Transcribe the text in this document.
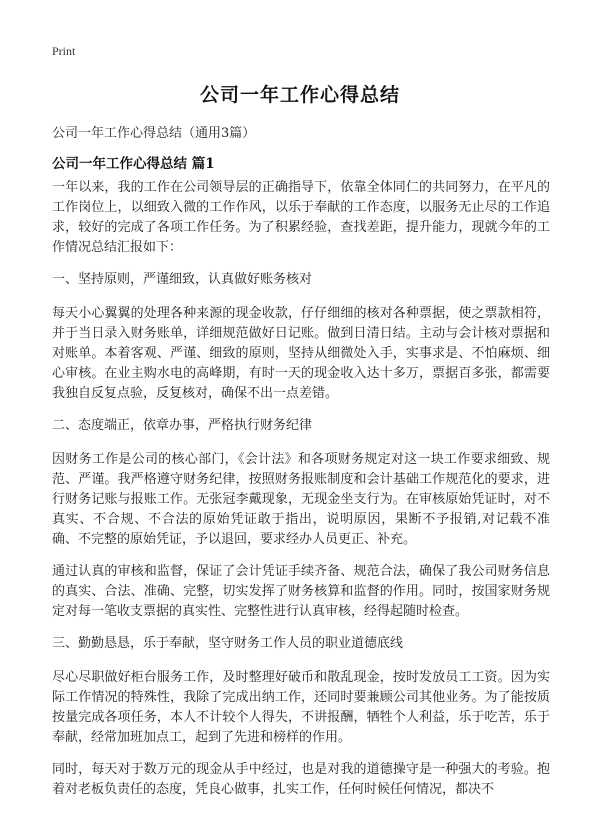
Print
公司一年工作心得总结
公司一年工作心得总结（通用3篇）
公司一年工作心得总结 篇1

一年以来，我的工作在公司领导层的正确指导下，依靠全体同仁的共同努力，在平凡的工作岗位上，以细致入微的工作作风，以乐于奉献的工作态度，以服务无止尽的工作追求，较好的完成了各项工作任务。为了积累经验，查找差距，提升能力，现就今年的工作情况总结汇报如下：

一、坚持原则，严谨细致，认真做好账务核对

每天小心翼翼的处理各种来源的现金收款，仔仔细细的核对各种票据，使之票款相符，并于当日录入财务账单，详细规范做好日记账。做到日清日结。主动与会计核对票据和对账单。本着客观、严谨、细致的原则，坚持从细微处入手，实事求是、不怕麻烦、细心审核。在业主购水电的高峰期，有时一天的现金收入达十多万，票据百多张，都需要我独自反复点验，反复核对，确保不出一点差错。

二、态度端正，依章办事，严格执行财务纪律

因财务工作是公司的核心部门，《会计法》和各项财务规定对这一块工作要求细致、规范、严谨。我严格遵守财务纪律，按照财务报账制度和会计基础工作规范化的要求，进行财务记账与报账工作。无张冠李戴现象，无现金坐支行为。在审核原始凭证时，对不真实、不合规、不合法的原始凭证敢于指出，说明原因，果断不予报销,对记载不准确、不完整的原始凭证，予以退回，要求经办人员更正、补充。

通过认真的审核和监督，保证了会计凭证手续齐备、规范合法，确保了我公司财务信息的真实、合法、准确、完整，切实发挥了财务核算和监督的作用。同时，按国家财务规定对每一笔收支票据的真实性、完整性进行认真审核，经得起随时检查。

三、勤勤恳恳，乐于奉献，坚守财务工作人员的职业道德底线

尽心尽职做好柜台服务工作，及时整理好破币和散乱现金，按时发放员工工资。因为实际工作情况的特殊性，我除了完成出纳工作，还同时要兼顾公司其他业务。为了能按质按量完成各项任务，本人不计较个人得失，不讲报酬，牺牲个人利益，乐于吃苦，乐于奉献，经常加班加点工，起到了先进和榜样的作用。

同时，每天对于数万元的现金从手中经过，也是对我的道德操守是一种强大的考验。抱着对老板负责任的态度，凭良心做事，扎实工作，任何时候任何情况，都决不
